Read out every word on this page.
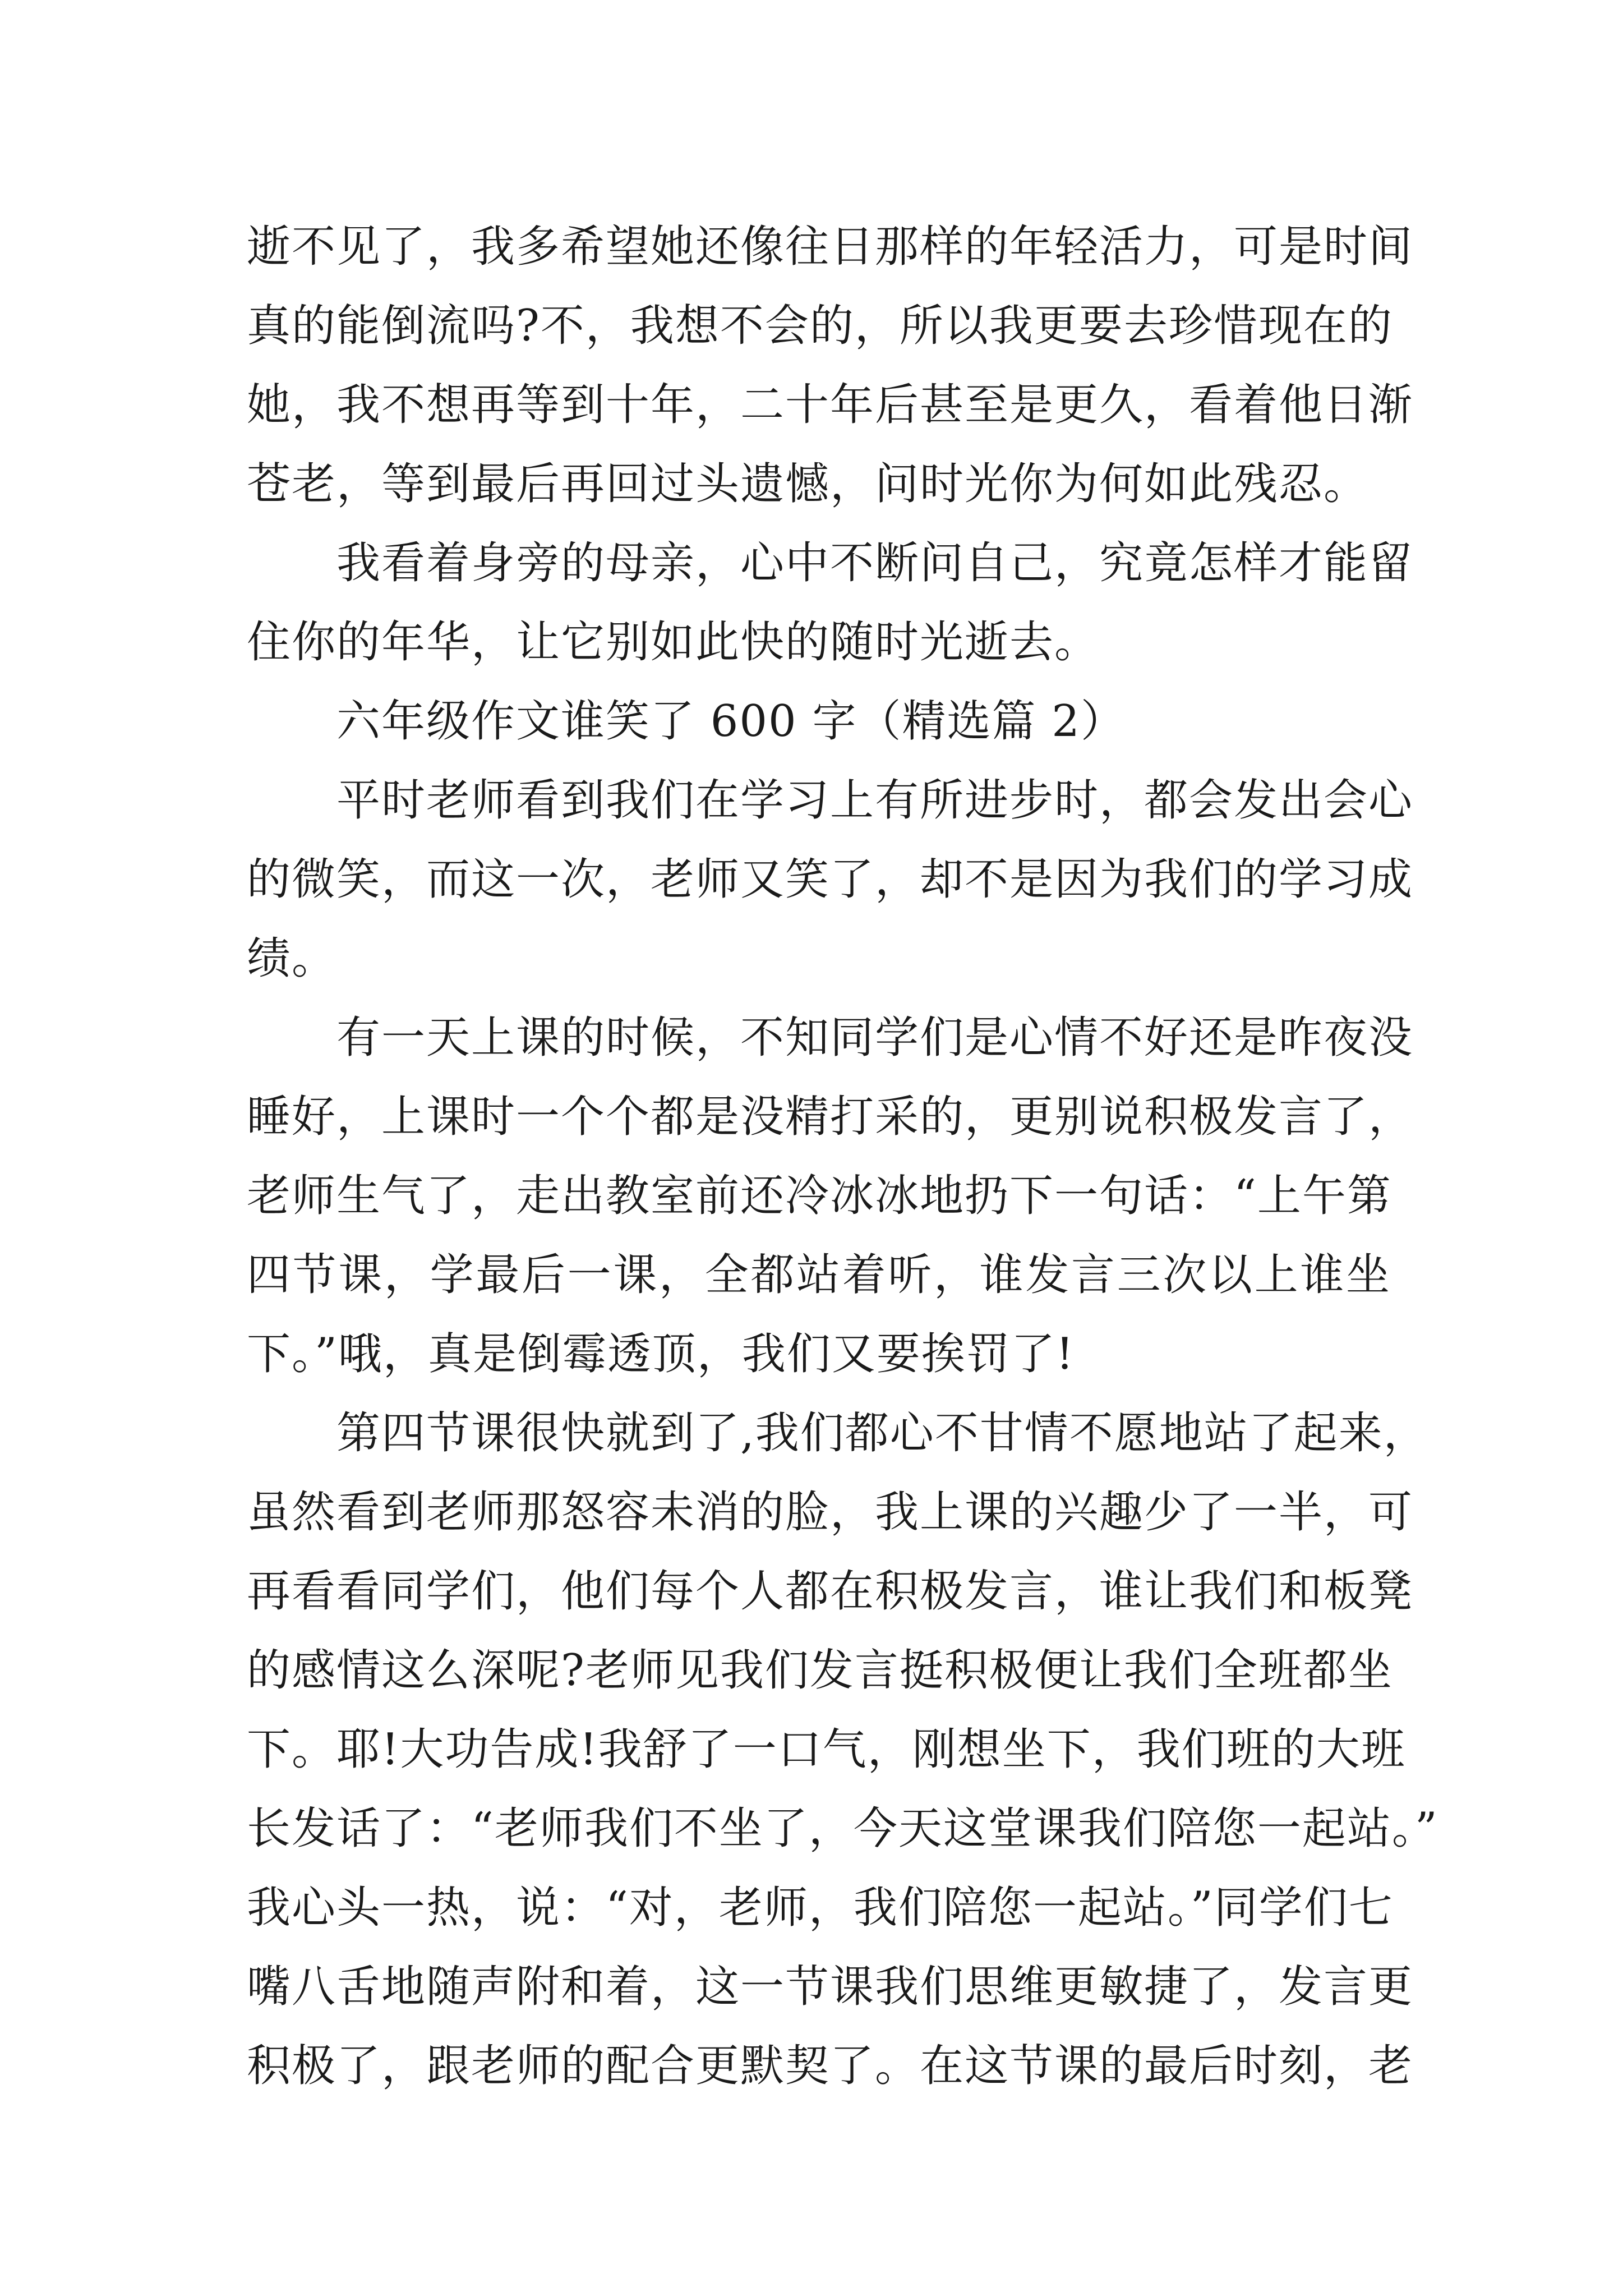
逝不见了，我多希望她还像往日那样的年轻活力，可是时间
真的能倒流吗?不，我想不会的，所以我更要去珍惜现在的
她，我不想再等到十年，二十年后甚至是更久，看着他日渐
苍老，等到最后再回过头遗憾，问时光你为何如此残忍。
我看着身旁的母亲，心中不断问自己，究竟怎样才能留
住你的年华，让它别如此快的随时光逝去。
六年级作文谁笑了 600 字（精选篇 2）
平时老师看到我们在学习上有所进步时，都会发出会心
的微笑，而这一次，老师又笑了，却不是因为我们的学习成
绩。
有一天上课的时候，不知同学们是心情不好还是昨夜没
睡好，上课时一个个都是没精打采的，更别说积极发言了，
老师生气了，走出教室前还冷冰冰地扔下一句话：“上午第
四节课，学最后一课，全都站着听，谁发言三次以上谁坐
下。”哦，真是倒霉透顶，我们又要挨罚了!
第四节课很快就到了,我们都心不甘情不愿地站了起来，
虽然看到老师那怒容未消的脸，我上课的兴趣少了一半，可
再看看同学们，他们每个人都在积极发言，谁让我们和板凳
的感情这么深呢?老师见我们发言挺积极便让我们全班都坐
下。耶!大功告成!我舒了一口气，刚想坐下，我们班的大班
长发话了：“老师我们不坐了，今天这堂课我们陪您一起站。”
我心头一热，说：“对，老师，我们陪您一起站。”同学们七
嘴八舌地随声附和着，这一节课我们思维更敏捷了，发言更
积极了，跟老师的配合更默契了。在这节课的最后时刻，老
